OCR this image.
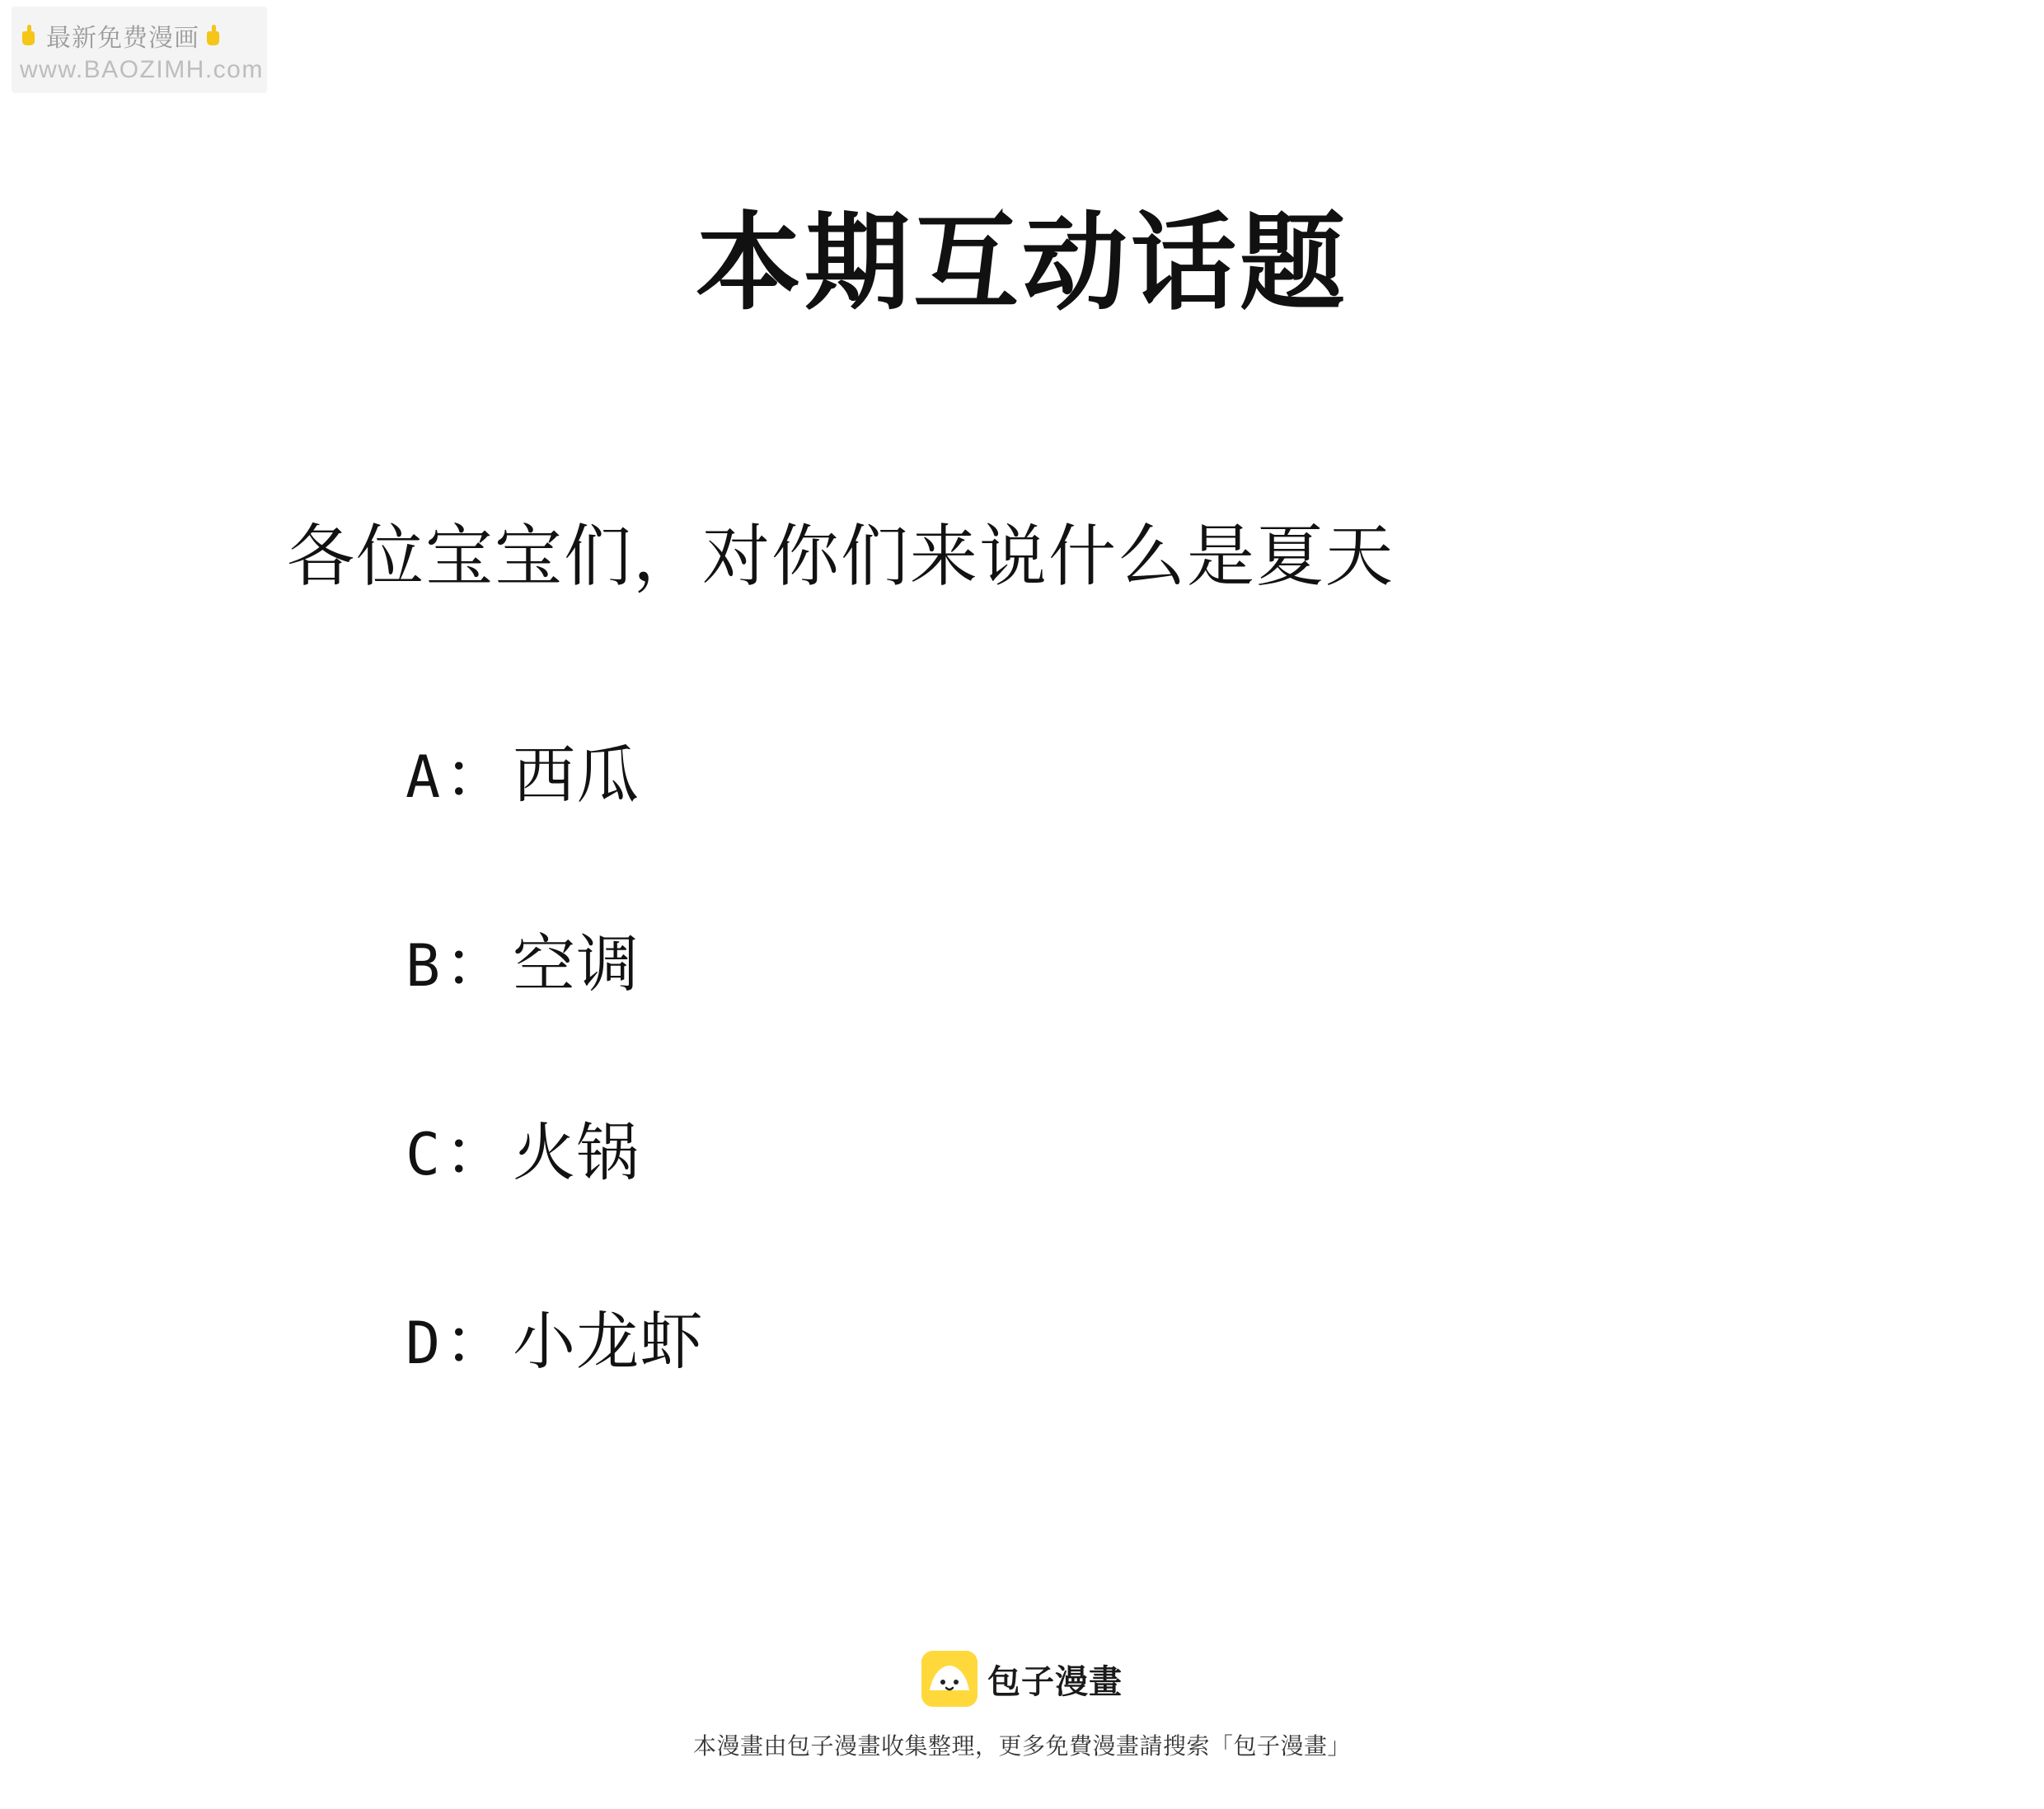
最新免费漫画
www.BAOZIMH.com
本期互动话题
各位宝宝们，对你们来说什么是夏天
A ： 西瓜
B ： 空调
C ： 火锅
D ： 小龙虾
包子漫畫
本漫畫由包子漫畫收集整理，更多免費漫畫請搜索「包子漫畫」
